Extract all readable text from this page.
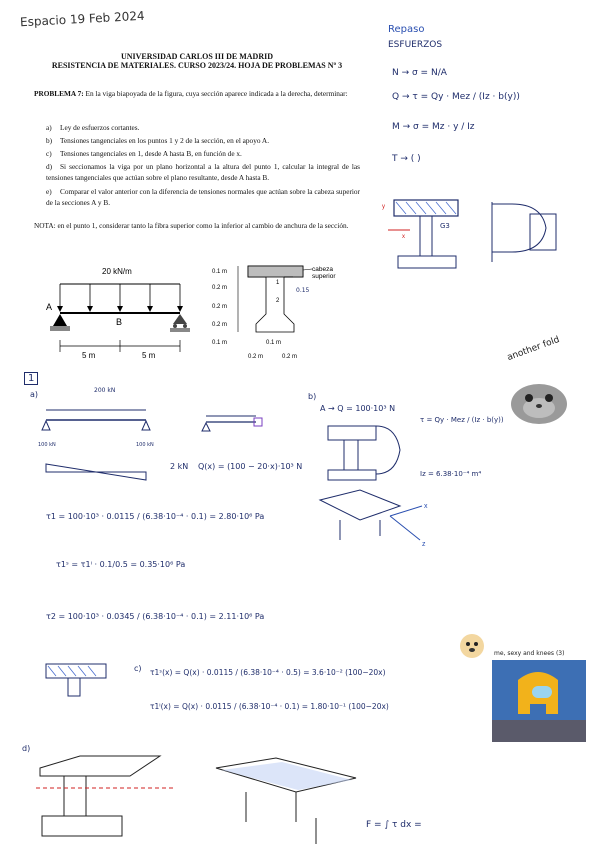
Espacio 19 Feb 2024
UNIVERSIDAD CARLOS III DE MADRID
RESISTENCIA DE MATERIALES. CURSO 2023/24. HOJA DE PROBLEMAS Nº 3
PROBLEMA 7: En la viga biapoyada de la figura, cuya sección aparece indicada a la derecha, determinar:
a) Ley de esfuerzos cortantes.
b) Tensiones tangenciales en los puntos 1 y 2 de la sección, en el apoyo A.
c) Tensiones tangenciales en 1, desde A hasta B, en función de x.
d) Si seccionamos la viga por un plano horizontal a la altura del punto 1, calcular la integral de las tensiones tangenciales que actúan sobre el plano resultante, desde A hasta B.
e) Comparar el valor anterior con la diferencia de tensiones normales que actúan sobre la cabeza superior de la secciones A y B.
NOTA: en el punto 1, considerar tanto la fibra superior como la inferior al cambio de anchura de la sección.
20 kN/m
A
B
5 m	5 m
cabeza
superior
1
2
0.15
0.1 m
0.2 m
0.2 m
0.2 m
0.1 m	0.1 m
0.2 m	0.2 m
Repaso
ESFUERZOS
N → σ = N/A
Q → τ = Qy · Mez / (Iz · b(y))
M → σ = Mz · y / Iz
T → ( )
G3
x
y
another fold
1
a)	200 kN
100 kN	100 kN
2 kN Q(x) = (100 − 20·x)·10³ N
b)
A → Q = 100·10³ N
τ = Qy · Mez / (Iz · b(y))
Iz = 6.38·10⁻⁴ m⁴
x
z
τ1 = 100·10³ · 0.0115 / (6.38·10⁻⁴ · 0.1) = 2.80·10⁶ Pa
τ1ˢ = τ1ⁱ · 0.1/0.5 = 0.35·10⁶ Pa
τ2 = 100·10³ · 0.0345 / (6.38·10⁻⁴ · 0.1) = 2.11·10⁶ Pa
me, sexy and knees (3)
c) τ1ˢ(x) = Q(x) · 0.0115 / (6.38·10⁻⁴ · 0.5) = 3.6·10⁻² (100−20x)
τ1ⁱ(x) = Q(x) · 0.0115 / (6.38·10⁻⁴ · 0.1) = 1.80·10⁻¹ (100−20x)
d)
F = ∫ τ dx =
